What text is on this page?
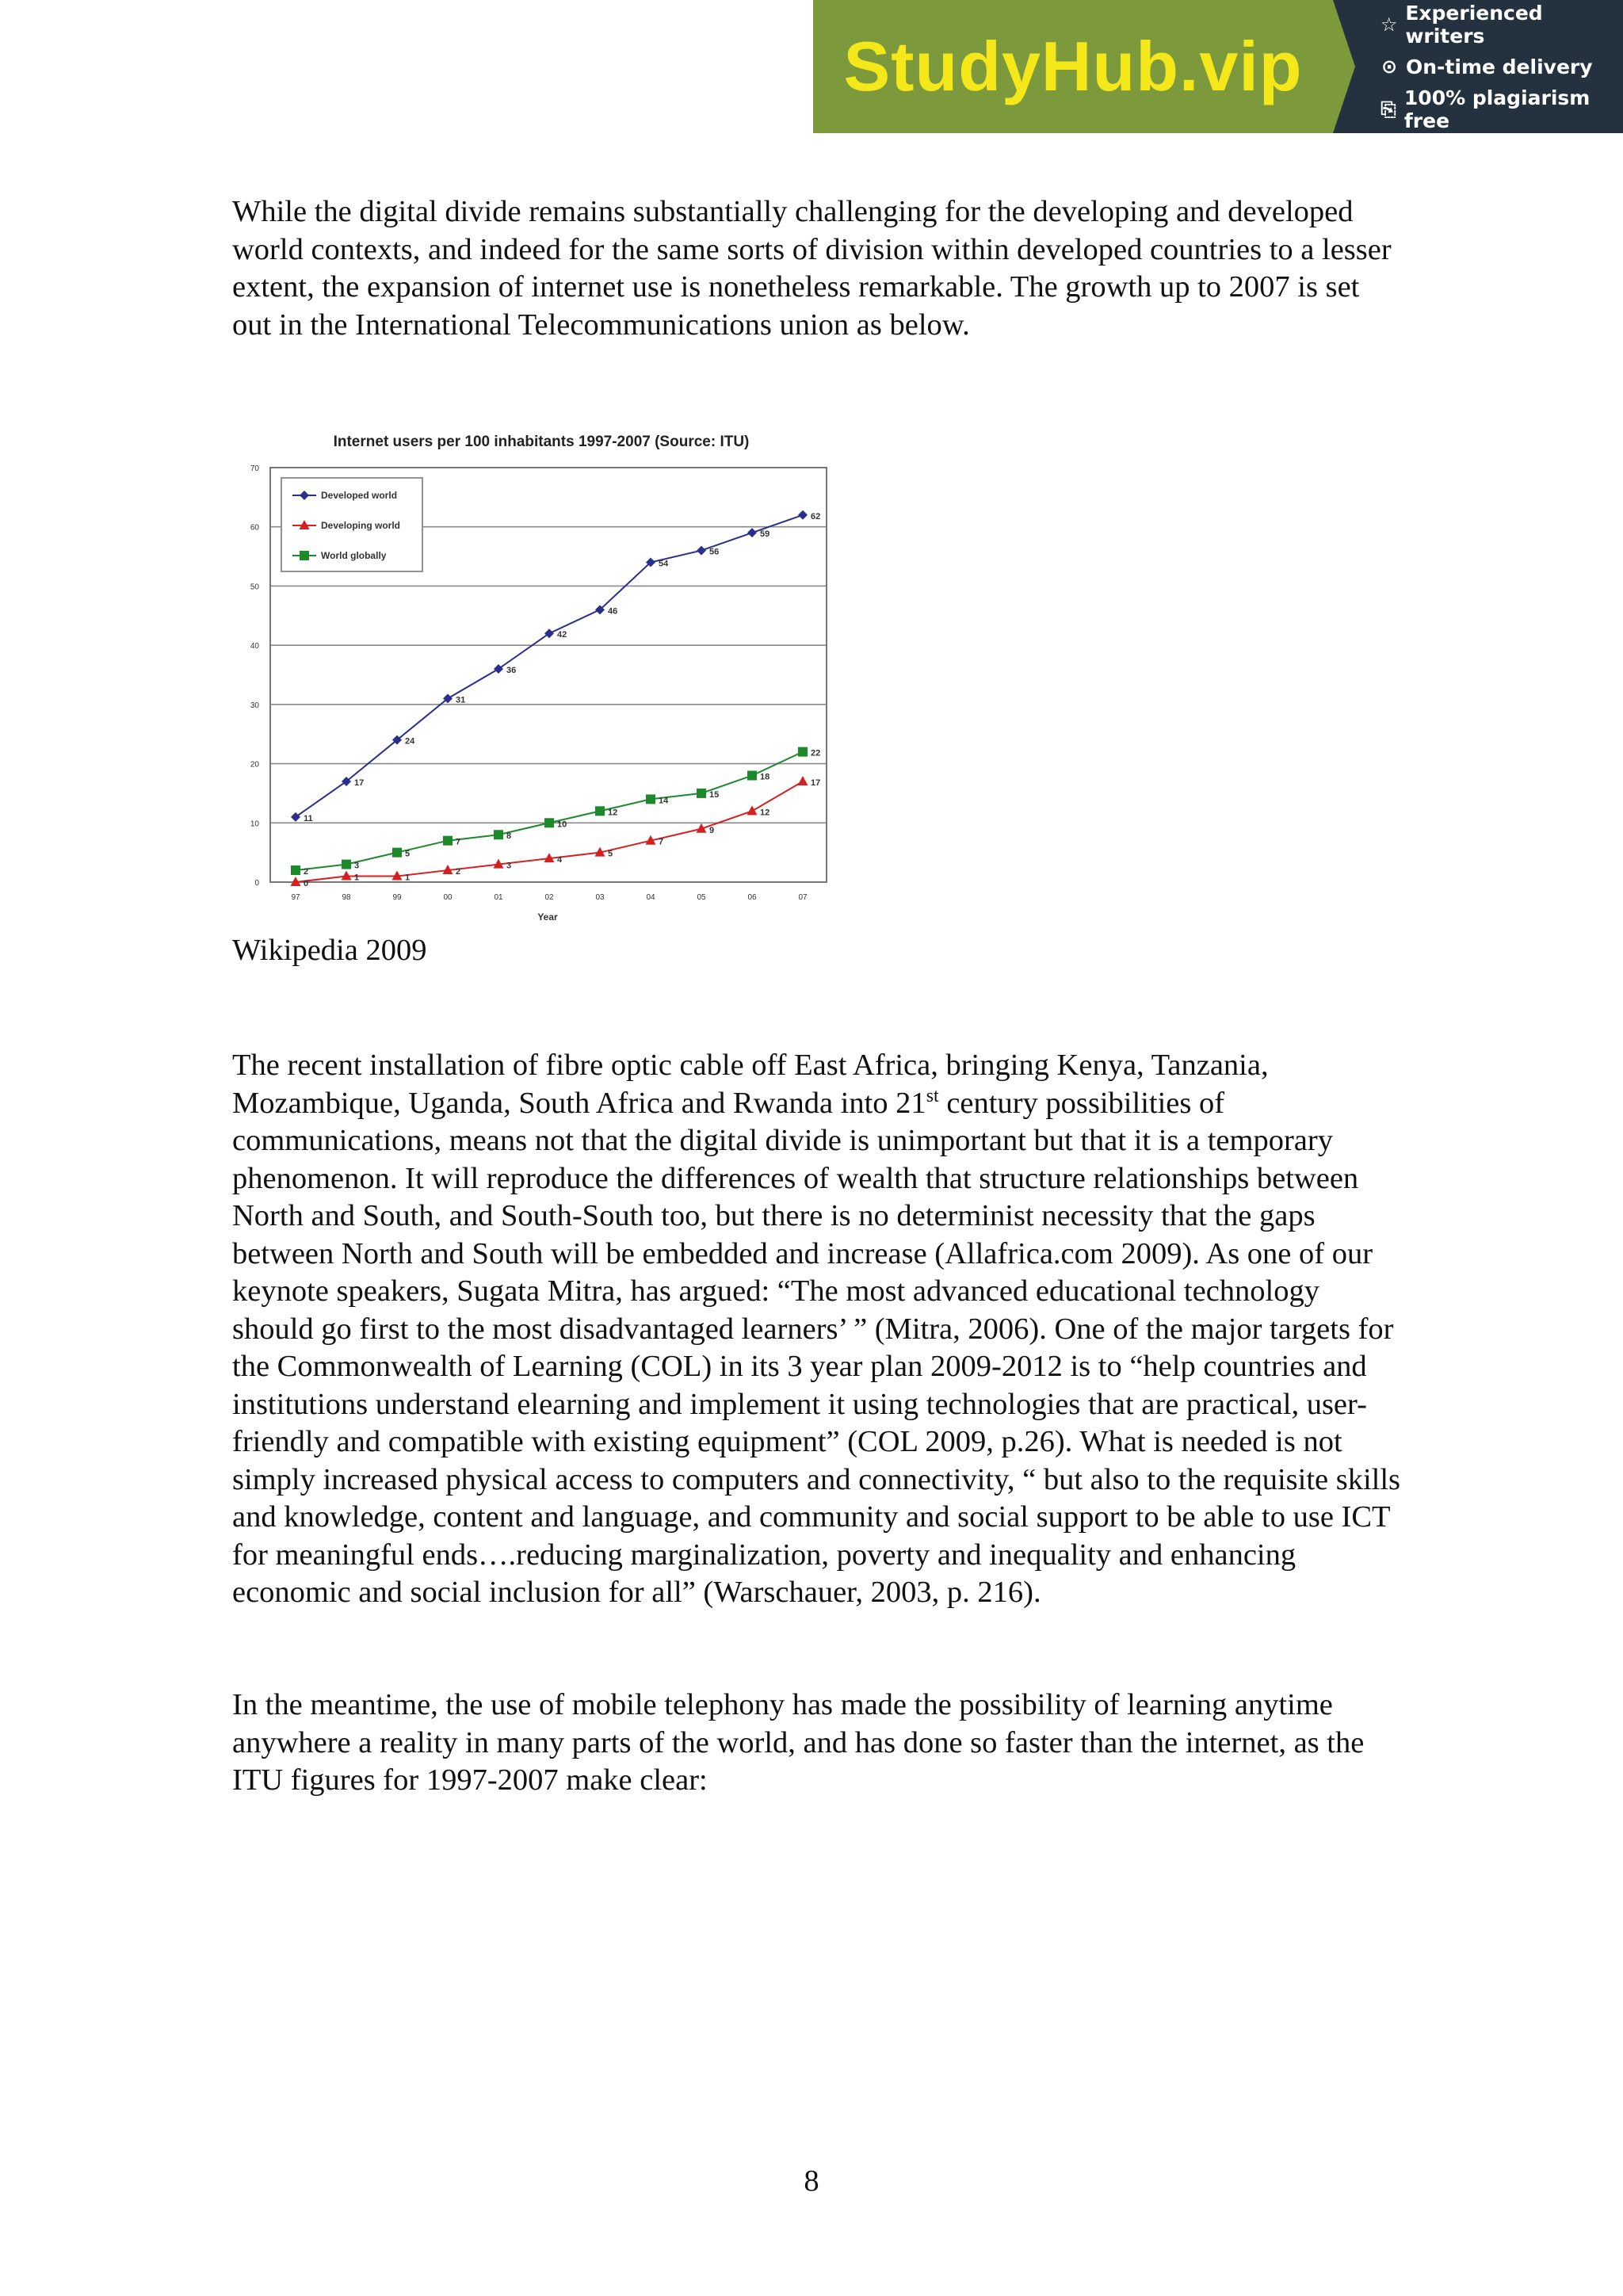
StudyHub.vip
☆ Experienced writers
⊙ On-time delivery
⎘ 100% plagiarism free

While the digital divide remains substantially challenging for the developing and developed world contexts, and indeed for the same sorts of division within developed countries to a lesser extent, the expansion of internet use is nonetheless remarkable. The growth up to 2007 is set out in the International Telecommunications union as below.

Internet users per 100 inhabitants 1997-2007 (Source: ITU)
0
10
20
30
40
50
60
70
97	98	99	00	01	02	03	04	05	06	07
Year
11
17
24
31
36
42
46
54
56
59
62
0
1	1
2
3
4
5
7
9
12
17
2
3
5
7
8
10
12
14
15
18
22
Developed world
Developing world
World globally
Wikipedia 2009

The recent installation of fibre optic cable off East Africa, bringing Kenya, Tanzania, Mozambique, Uganda, South Africa and Rwanda into 21st century possibilities of communications, means not that the digital divide is unimportant but that it is a temporary phenomenon. It will reproduce the differences of wealth that structure relationships between North and South, and South-South too, but there is no determinist necessity that the gaps between North and South will be embedded and increase (Allafrica.com 2009). As one of our keynote speakers, Sugata Mitra, has argued: “The most advanced educational technology should go first to the most disadvantaged learners’ ” (Mitra, 2006). One of the major targets for the Commonwealth of Learning (COL) in its 3 year plan 2009-2012 is to “help countries and institutions understand elearning and implement it using technologies that are practical, user-friendly and compatible with existing equipment” (COL 2009, p.26). What is needed is not simply increased physical access to computers and connectivity, “ but also to the requisite skills and knowledge, content and language, and community and social support to be able to use ICT for meaningful ends….reducing marginalization, poverty and inequality and enhancing economic and social inclusion for all” (Warschauer, 2003, p. 216).

In the meantime, the use of mobile telephony has made the possibility of learning anytime anywhere a reality in many parts of the world, and has done so faster than the internet, as the ITU figures for 1997-2007 make clear:

8
